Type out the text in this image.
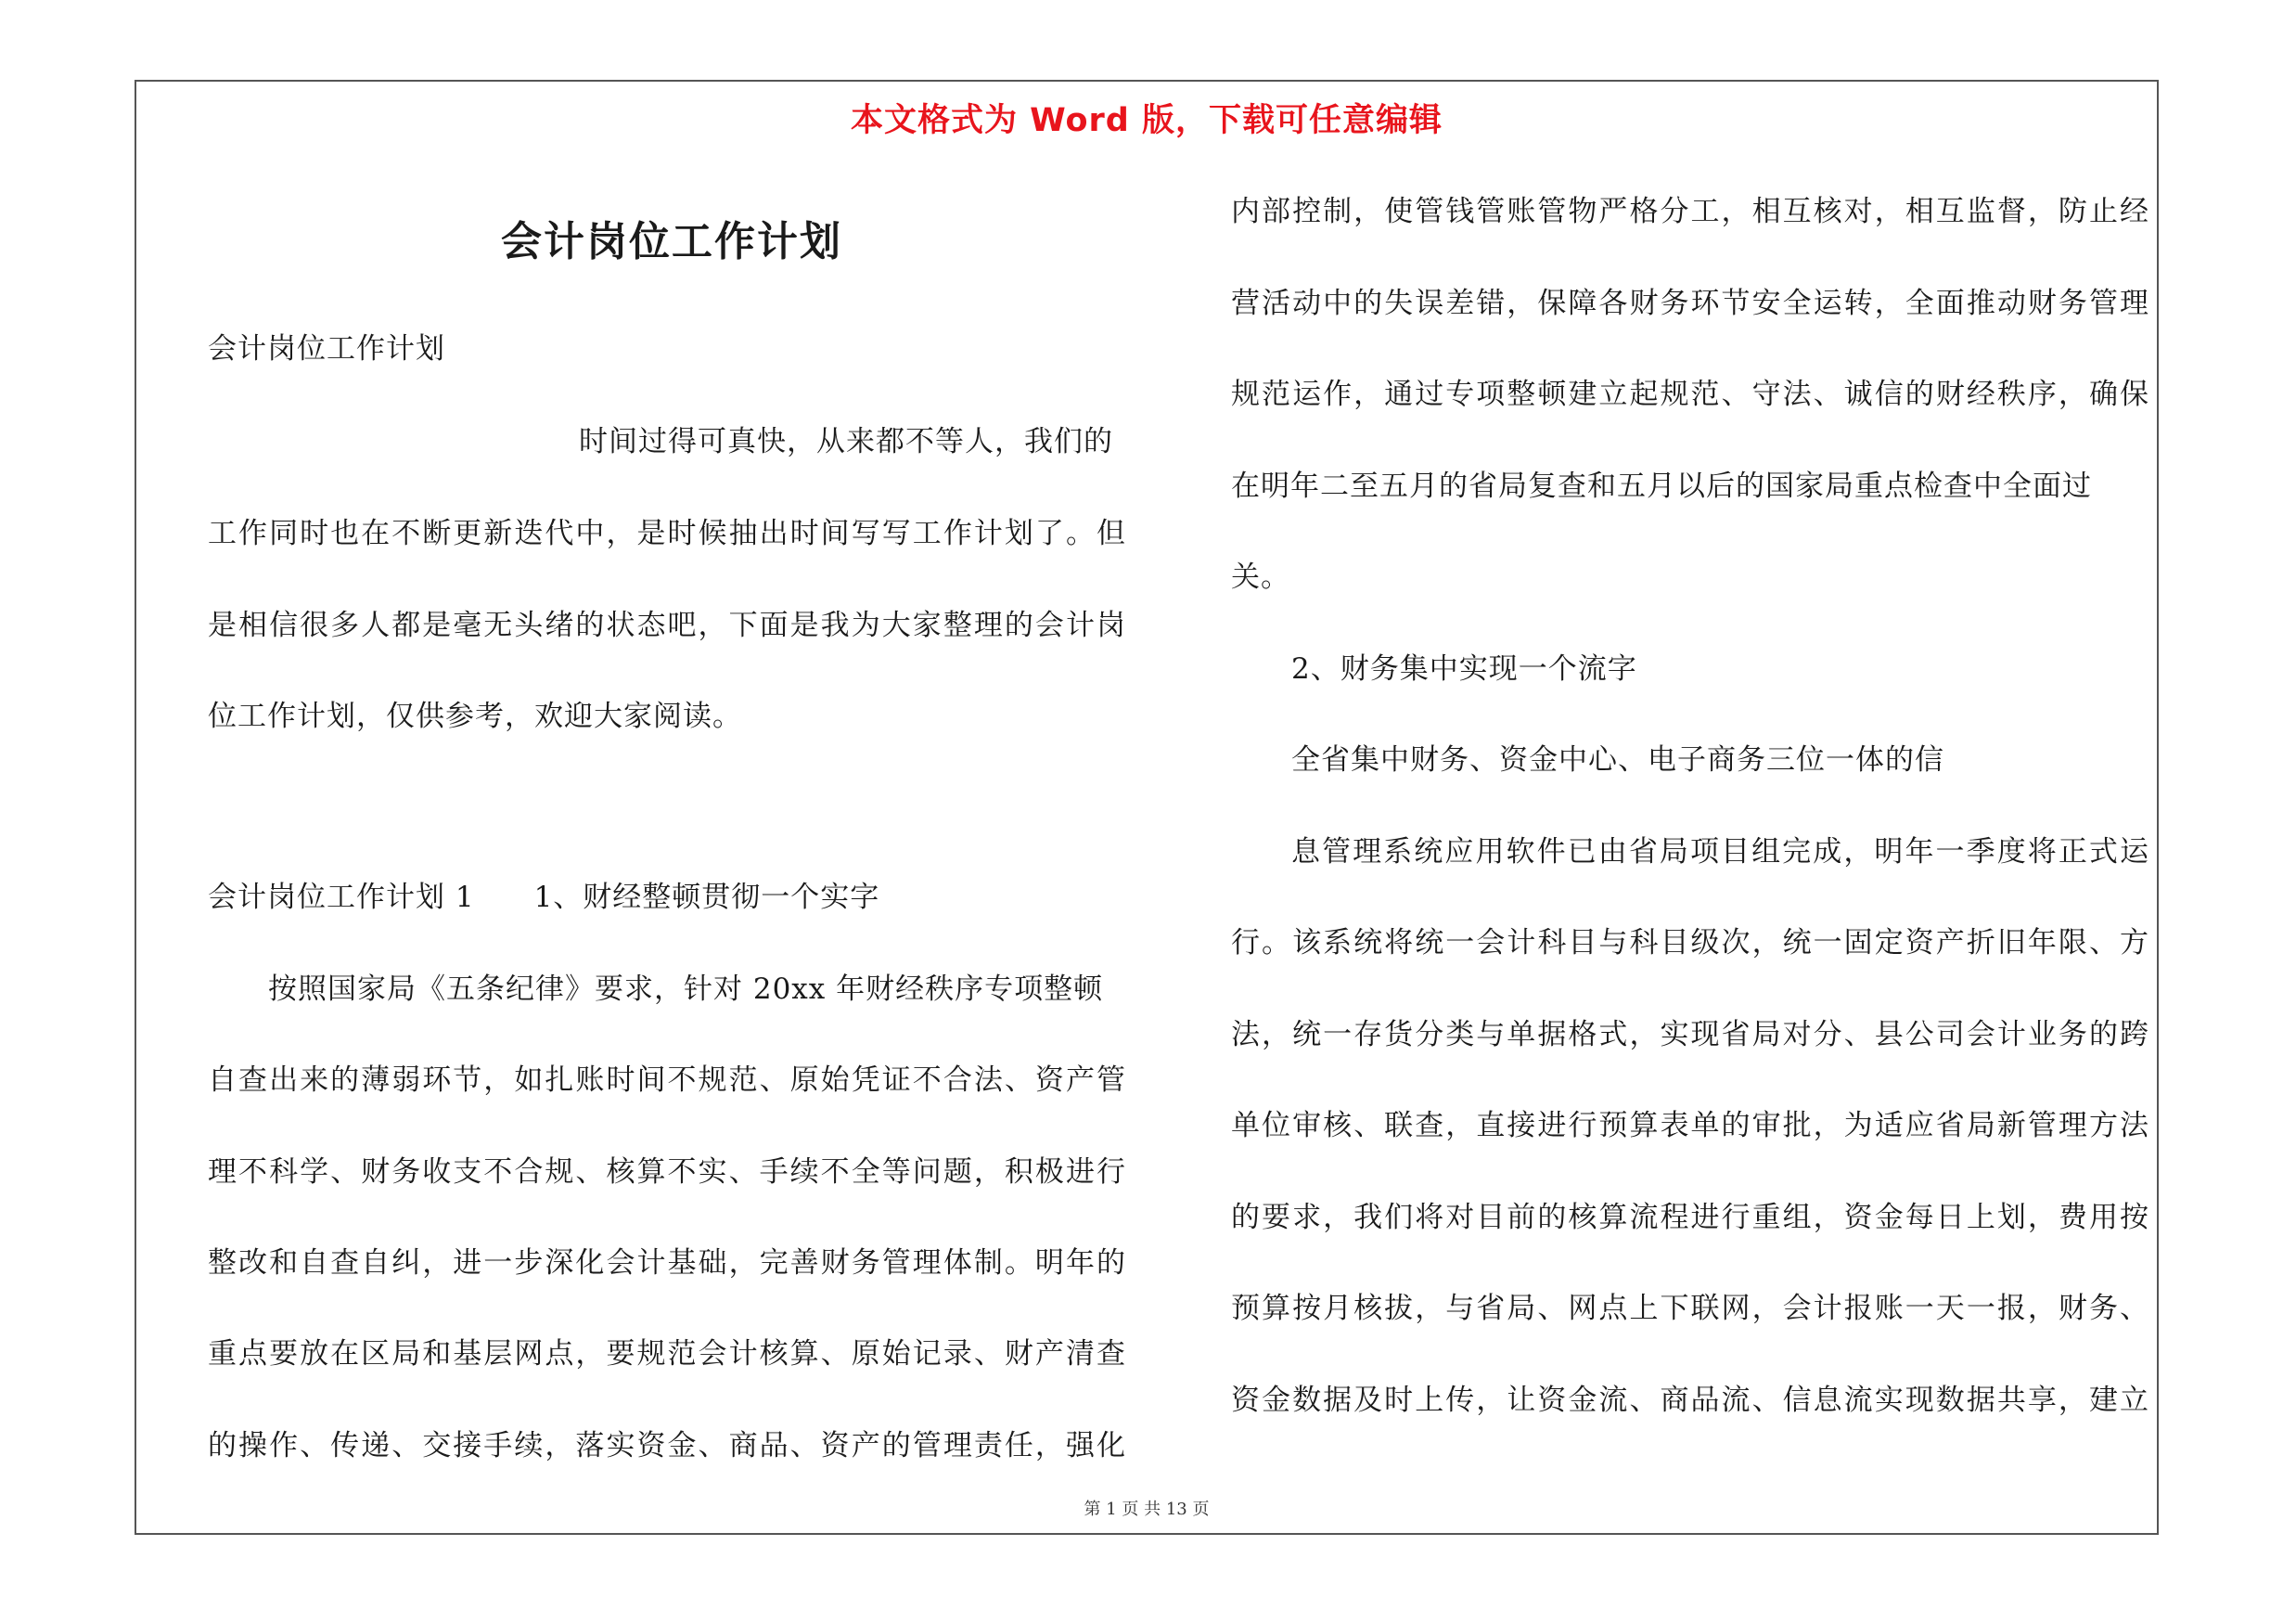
本文格式为 Word 版，下载可任意编辑
会计岗位工作计划
会计岗位工作计划
时间过得可真快，从来都不等人，我们的
工作同时也在不断更新迭代中，是时候抽出时间写写工作计划了。但
是相信很多人都是毫无头绪的状态吧，下面是我为大家整理的会计岗
位工作计划，仅供参考，欢迎大家阅读。
会计岗位工作计划 1　　1、财经整顿贯彻一个实字
按照国家局《五条纪律》要求，针对 20xx 年财经秩序专项整顿
自查出来的薄弱环节，如扎账时间不规范、原始凭证不合法、资产管
理不科学、财务收支不合规、核算不实、手续不全等问题，积极进行
整改和自查自纠，进一步深化会计基础，完善财务管理体制。明年的
重点要放在区局和基层网点，要规范会计核算、原始记录、财产清查
的操作、传递、交接手续，落实资金、商品、资产的管理责任，强化
内部控制，使管钱管账管物严格分工，相互核对，相互监督，防止经
营活动中的失误差错，保障各财务环节安全运转，全面推动财务管理
规范运作，通过专项整顿建立起规范、守法、诚信的财经秩序，确保
在明年二至五月的省局复查和五月以后的国家局重点检查中全面过
关。
2、财务集中实现一个流字
全省集中财务、资金中心、电子商务三位一体的信
息管理系统应用软件已由省局项目组完成，明年一季度将正式运
行。该系统将统一会计科目与科目级次，统一固定资产折旧年限、方
法，统一存货分类与单据格式，实现省局对分、县公司会计业务的跨
单位审核、联查，直接进行预算表单的审批，为适应省局新管理方法
的要求，我们将对目前的核算流程进行重组，资金每日上划，费用按
预算按月核拔，与省局、网点上下联网，会计报账一天一报，财务、
资金数据及时上传，让资金流、商品流、信息流实现数据共享，建立
第 1 页 共 13 页
